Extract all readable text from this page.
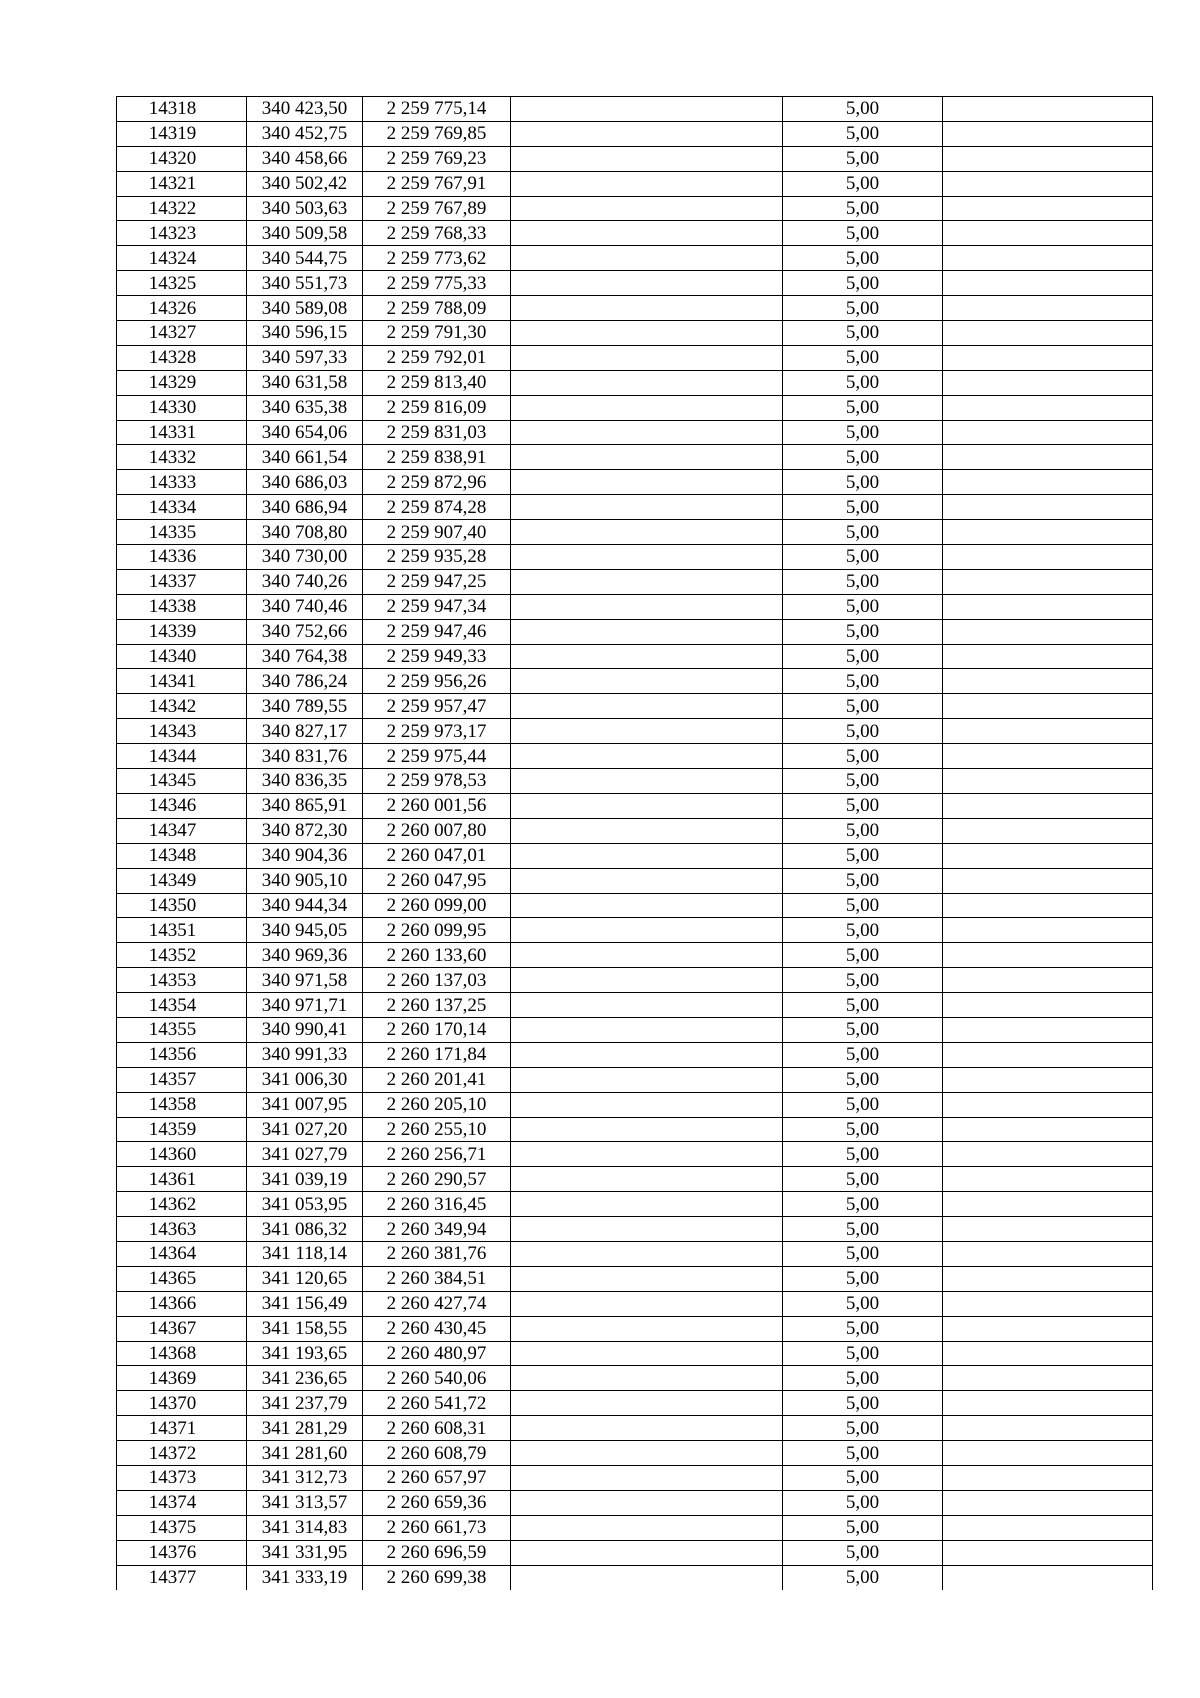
14318	340 423,50	2 259 775,14		5,00	
14319	340 452,75	2 259 769,85		5,00	
14320	340 458,66	2 259 769,23		5,00	
14321	340 502,42	2 259 767,91		5,00	
14322	340 503,63	2 259 767,89		5,00	
14323	340 509,58	2 259 768,33		5,00	
14324	340 544,75	2 259 773,62		5,00	
14325	340 551,73	2 259 775,33		5,00	
14326	340 589,08	2 259 788,09		5,00	
14327	340 596,15	2 259 791,30		5,00	
14328	340 597,33	2 259 792,01		5,00	
14329	340 631,58	2 259 813,40		5,00	
14330	340 635,38	2 259 816,09		5,00	
14331	340 654,06	2 259 831,03		5,00	
14332	340 661,54	2 259 838,91		5,00	
14333	340 686,03	2 259 872,96		5,00	
14334	340 686,94	2 259 874,28		5,00	
14335	340 708,80	2 259 907,40		5,00	
14336	340 730,00	2 259 935,28		5,00	
14337	340 740,26	2 259 947,25		5,00	
14338	340 740,46	2 259 947,34		5,00	
14339	340 752,66	2 259 947,46		5,00	
14340	340 764,38	2 259 949,33		5,00	
14341	340 786,24	2 259 956,26		5,00	
14342	340 789,55	2 259 957,47		5,00	
14343	340 827,17	2 259 973,17		5,00	
14344	340 831,76	2 259 975,44		5,00	
14345	340 836,35	2 259 978,53		5,00	
14346	340 865,91	2 260 001,56		5,00	
14347	340 872,30	2 260 007,80		5,00	
14348	340 904,36	2 260 047,01		5,00	
14349	340 905,10	2 260 047,95		5,00	
14350	340 944,34	2 260 099,00		5,00	
14351	340 945,05	2 260 099,95		5,00	
14352	340 969,36	2 260 133,60		5,00	
14353	340 971,58	2 260 137,03		5,00	
14354	340 971,71	2 260 137,25		5,00	
14355	340 990,41	2 260 170,14		5,00	
14356	340 991,33	2 260 171,84		5,00	
14357	341 006,30	2 260 201,41		5,00	
14358	341 007,95	2 260 205,10		5,00	
14359	341 027,20	2 260 255,10		5,00	
14360	341 027,79	2 260 256,71		5,00	
14361	341 039,19	2 260 290,57		5,00	
14362	341 053,95	2 260 316,45		5,00	
14363	341 086,32	2 260 349,94		5,00	
14364	341 118,14	2 260 381,76		5,00	
14365	341 120,65	2 260 384,51		5,00	
14366	341 156,49	2 260 427,74		5,00	
14367	341 158,55	2 260 430,45		5,00	
14368	341 193,65	2 260 480,97		5,00	
14369	341 236,65	2 260 540,06		5,00	
14370	341 237,79	2 260 541,72		5,00	
14371	341 281,29	2 260 608,31		5,00	
14372	341 281,60	2 260 608,79		5,00	
14373	341 312,73	2 260 657,97		5,00	
14374	341 313,57	2 260 659,36		5,00	
14375	341 314,83	2 260 661,73		5,00	
14376	341 331,95	2 260 696,59		5,00	
14377	341 333,19	2 260 699,38		5,00	
